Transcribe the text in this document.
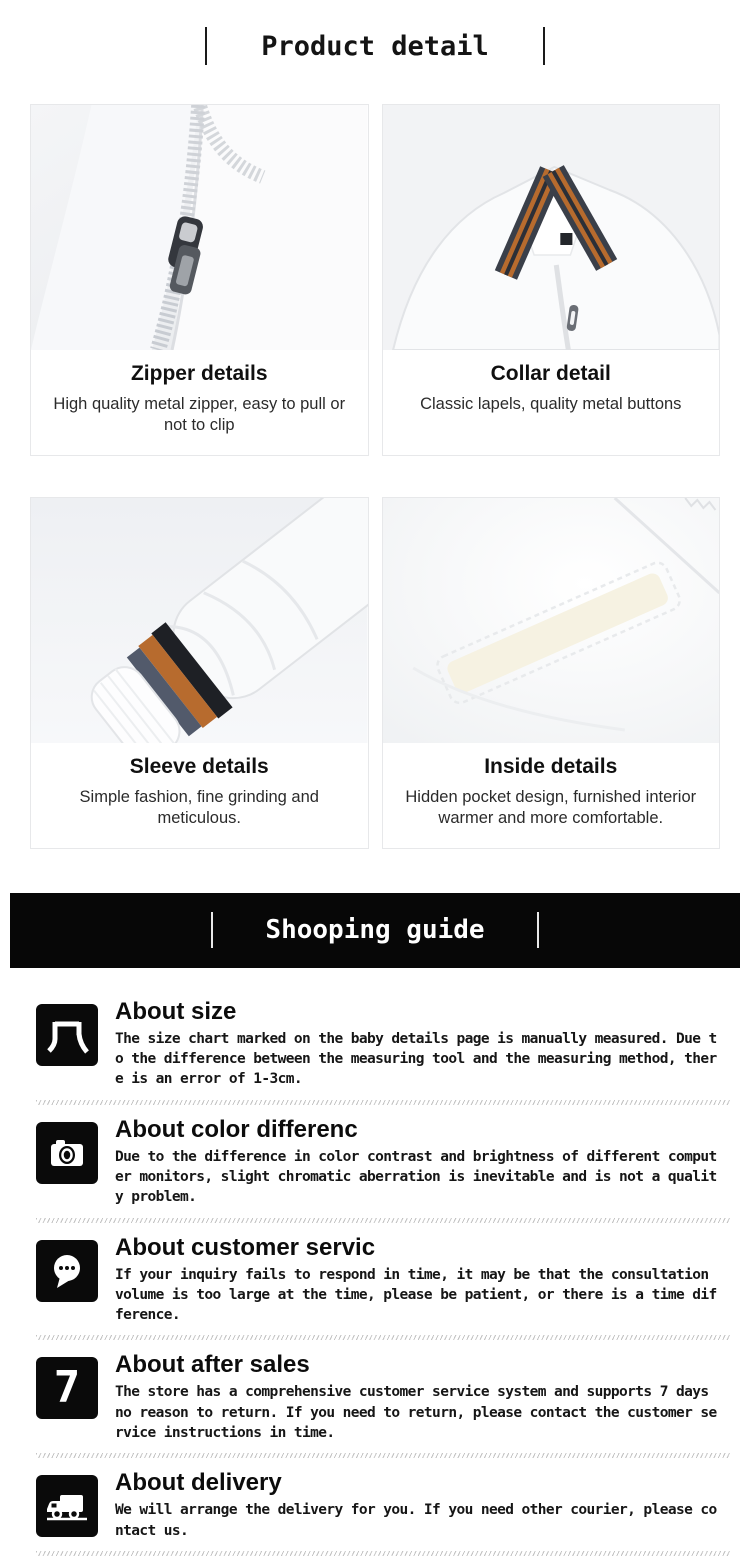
Product detail
Zipper details
High quality metal zipper, easy to pull or not to clip
Collar detail
Classic lapels, quality metal buttons
Sleeve details
Simple fashion, fine grinding and meticulous.
Inside details
Hidden pocket design, furnished interior warmer and more comfortable.
Shooping guide
About size
The size chart marked on the baby details page is manually measured. Due to the difference between the measuring tool and the measuring method, there is an error of 1-3cm.
About color differenc
Due to the difference in color contrast and brightness of different computer monitors, slight chromatic aberration is inevitable and is not a quality problem.
About customer servic
If your inquiry fails to respond in time, it may be that the consultation volume is too large at the time, please be patient, or there is a time difference.
7 About after sales
The store has a comprehensive customer service system and supports 7 days no reason to return. If you need to return, please contact the customer service instructions in time.
About delivery
We will arrange the delivery for you. If you need other courier, please contact us.
